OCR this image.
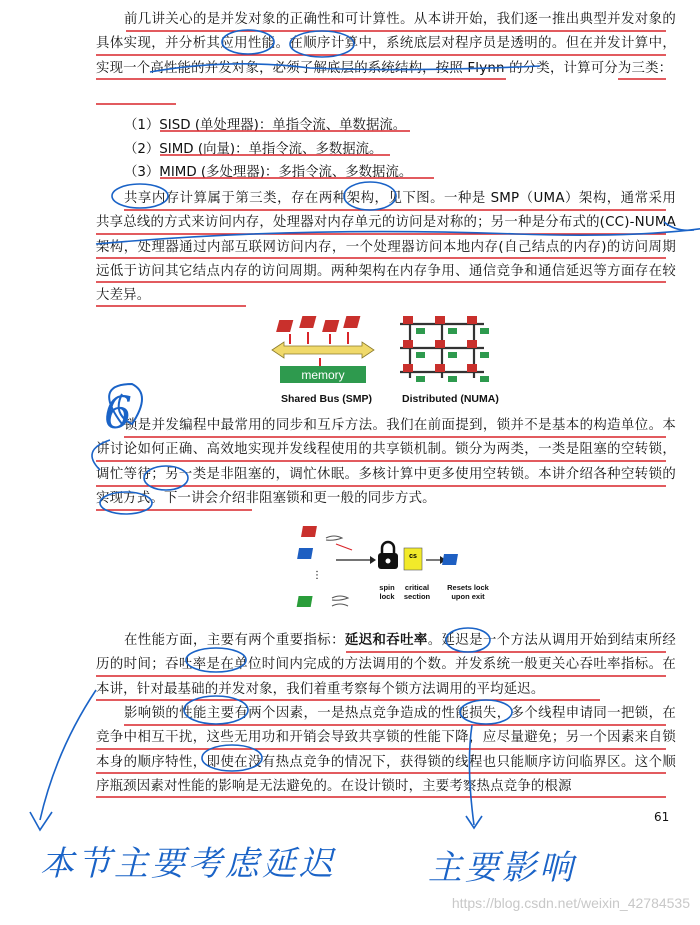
前几讲关心的是并发对象的正确性和可计算性。从本讲开始，我们逐一推出典型并发对象的具体实现，并分析其应用性能。在顺序计算中，系统底层对程序员是透明的。但在并发计算中，实现一个高性能的并发对象，必须了解底层的系统结构，按照 Flynn 的分类，计算可分为三类：
（1）SISD (单处理器)：单指令流、单数据流。
（2）SIMD (向量)：单指令流、多数据流。
（3）MIMD (多处理器)：多指令流、多数据流。
共享内存计算属于第三类，存在两种架构，见下图。一种是 SMP（UMA）架构，通常采用共享总线的方式来访问内存，处理器对内存单元的访问是对称的；另一种是分布式的(CC)-NUMA 架构，处理器通过内部互联网访问内存，一个处理器访问本地内存(自己结点的内存)的访问周期远低于访问其它结点内存的访问周期。两种架构在内存争用、通信竞争和通信延迟等方面存在较大差异。
memory
Shared Bus (SMP)	Distributed (NUMA)
锁是并发编程中最常用的同步和互斥方法。我们在前面提到，锁并不是基本的构造单位。本讲讨论如何正确、高效地实现并发线程使用的共享锁机制。锁分为两类，一类是阻塞的空转锁，调忙等待；另一类是非阻塞的，调忙休眠。多核计算中更多使用空转锁。本讲介绍各种空转锁的实现方式。下一讲会介绍非阻塞锁和更一般的同步方式。
⋮
cs
spin lock
critical section
Resets lock upon exit
在性能方面，主要有两个重要指标：延迟和吞吐率。延迟是一个方法从调用开始到结束所经历的时间；吞吐率是在单位时间内完成的方法调用的个数。并发系统一般更关心吞吐率指标。在本讲，针对最基础的并发对象，我们着重考察每个锁方法调用的平均延迟。
影响锁的性能主要有两个因素，一是热点竞争造成的性能损失，多个线程申请同一把锁，在竞争中相互干扰，这些无用功和开销会导致共享锁的性能下降，应尽量避免；另一个因素来自锁本身的顺序特性，即使在没有热点竞争的情况下，获得锁的线程也只能顺序访问临界区。这个顺序瓶颈因素对性能的影响是无法避免的。在设计锁时，主要考察热点竞争的根源
61
6
本节主要考虑延迟	主要影响
https://blog.csdn.net/weixin_42784535
